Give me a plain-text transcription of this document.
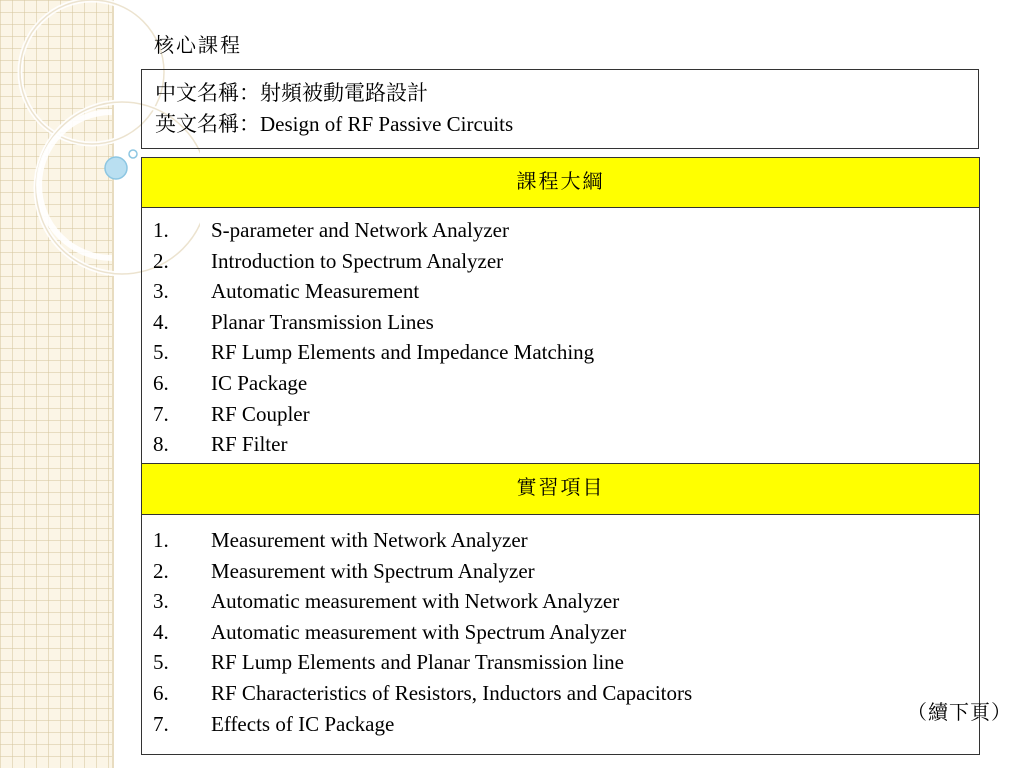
核心課程
中文名稱：射頻被動電路設計
英文名稱：Design of RF Passive Circuits
課程大綱
1.	S-parameter and Network Analyzer
2.	Introduction to Spectrum Analyzer
3.	Automatic Measurement
4.	Planar Transmission Lines
5.	RF Lump Elements and Impedance Matching
6.	IC Package
7.	RF Coupler
8.	RF Filter
實習項目
1.	Measurement with Network Analyzer
2.	Measurement with Spectrum Analyzer
3.	Automatic measurement with Network Analyzer
4.	Automatic measurement with Spectrum Analyzer
5.	RF Lump Elements and Planar Transmission line
6.	RF Characteristics of Resistors, Inductors and Capacitors
7.	Effects of IC Package	（續下頁）
